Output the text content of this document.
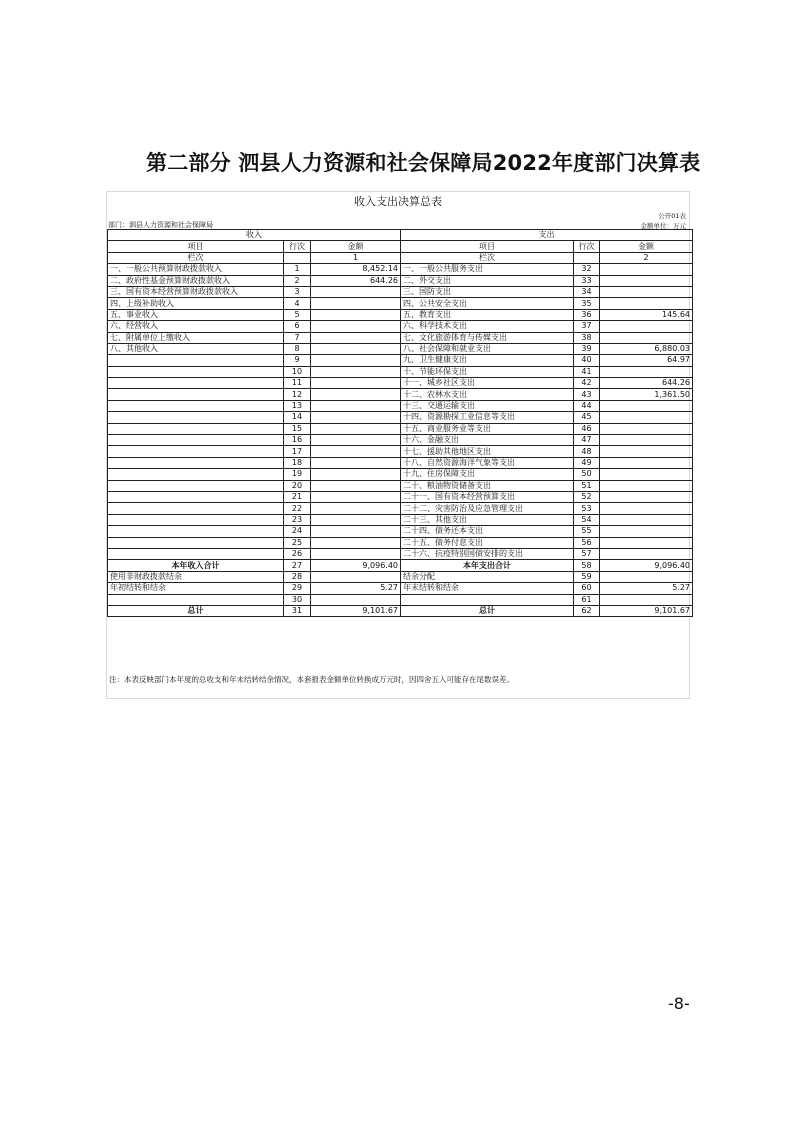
第二部分 泗县人力资源和社会保障局2022年度部门决算表
收入支出决算总表
公开01表
金额单位：万元
部门：泗县人力资源和社会保障局
收入			支出		
项目	行次	金额	项目	行次	金额
栏次		1	栏次		2
一、一般公共预算财政拨款收入	1	8,452.14	一、一般公共服务支出	32	
二、政府性基金预算财政拨款收入	2	644.26	二、外交支出	33	
三、国有资本经营预算财政拨款收入	3		三、国防支出	34	
四、上级补助收入	4		四、公共安全支出	35	
五、事业收入	5		五、教育支出	36	145.64
六、经营收入	6		六、科学技术支出	37	
七、附属单位上缴收入	7		七、文化旅游体育与传媒支出	38	
八、其他收入	8		八、社会保障和就业支出	39	6,880.03
	9		九、卫生健康支出	40	64.97
	10		十、节能环保支出	41	
	11		十一、城乡社区支出	42	644.26
	12		十二、农林水支出	43	1,361.50
	13		十三、交通运输支出	44	
	14		十四、资源勘探工业信息等支出	45	
	15		十五、商业服务业等支出	46	
	16		十六、金融支出	47	
	17		十七、援助其他地区支出	48	
	18		十八、自然资源海洋气象等支出	49	
	19		十九、住房保障支出	50	
	20		二十、粮油物资储备支出	51	
	21		二十一、国有资本经营预算支出	52	
	22		二十二、灾害防治及应急管理支出	53	
	23		二十三、其他支出	54	
	24		二十四、债务还本支出	55	
	25		二十五、债务付息支出	56	
	26		二十六、抗疫特别国债安排的支出	57	
本年收入合计	27	9,096.40	本年支出合计	58	9,096.40
使用非财政拨款结余	28		结余分配	59	
年初结转和结余	29	5.27	年末结转和结余	60	5.27
	30			61	
总计	31	9,101.67	总计	62	9,101.67
注：本表反映部门本年度的总收支和年末结转结余情况，本套报表金额单位转换成万元时，因四舍五入可能存在尾数误差。
-8-
